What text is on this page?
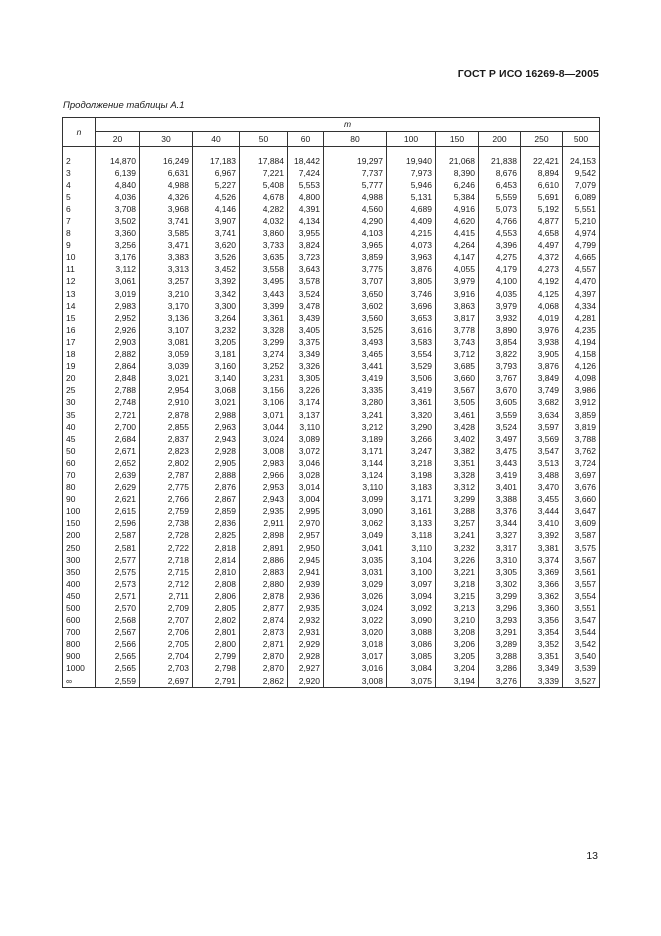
ГОСТ Р ИСО 16269-8—2005
Продолжение таблицы А.1
n	m										
	20	30	40	50	60	80	100	150	200	250	500

2	14,870	16,249	17,183	17,884	18,442	19,297	19,940	21,068	21,838	22,421	24,153
3	6,139	6,631	6,967	7,221	7,424	7,737	7,973	8,390	8,676	8,894	9,542
4	4,840	4,988	5,227	5,408	5,553	5,777	5,946	6,246	6,453	6,610	7,079
5	4,036	4,326	4,526	4,678	4,800	4,988	5,131	5,384	5,559	5,691	6,089
6	3,708	3,968	4,146	4,282	4,391	4,560	4,689	4,916	5,073	5,192	5,551
7	3,502	3,741	3,907	4,032	4,134	4,290	4,409	4,620	4,766	4,877	5,210
8	3,360	3,585	3,741	3,860	3,955	4,103	4,215	4,415	4,553	4,658	4,974
9	3,256	3,471	3,620	3,733	3,824	3,965	4,073	4,264	4,396	4,497	4,799
10	3,176	3,383	3,526	3,635	3,723	3,859	3,963	4,147	4,275	4,372	4,665
11	3,112	3,313	3,452	3,558	3,643	3,775	3,876	4,055	4,179	4,273	4,557
12	3,061	3,257	3,392	3,495	3,578	3,707	3,805	3,979	4,100	4,192	4,470
13	3,019	3,210	3,342	3,443	3,524	3,650	3,746	3,916	4,035	4,125	4,397
14	2,983	3,170	3,300	3,399	3,478	3,602	3,696	3,863	3,979	4,068	4,334
15	2,952	3,136	3,264	3,361	3,439	3,560	3,653	3,817	3,932	4,019	4,281
16	2,926	3,107	3,232	3,328	3,405	3,525	3,616	3,778	3,890	3,976	4,235
17	2,903	3,081	3,205	3,299	3,375	3,493	3,583	3,743	3,854	3,938	4,194
18	2,882	3,059	3,181	3,274	3,349	3,465	3,554	3,712	3,822	3,905	4,158
19	2,864	3,039	3,160	3,252	3,326	3,441	3,529	3,685	3,793	3,876	4,126
20	2,848	3,021	3,140	3,231	3,305	3,419	3,506	3,660	3,767	3,849	4,098
25	2,788	2,954	3,068	3,156	3,226	3,335	3,419	3,567	3,670	3,749	3,986
30	2,748	2,910	3,021	3,106	3,174	3,280	3,361	3,505	3,605	3,682	3,912
35	2,721	2,878	2,988	3,071	3,137	3,241	3,320	3,461	3,559	3,634	3,859
40	2,700	2,855	2,963	3,044	3,110	3,212	3,290	3,428	3,524	3,597	3,819
45	2,684	2,837	2,943	3,024	3,089	3,189	3,266	3,402	3,497	3,569	3,788
50	2,671	2,823	2,928	3,008	3,072	3,171	3,247	3,382	3,475	3,547	3,762
60	2,652	2,802	2,905	2,983	3,046	3,144	3,218	3,351	3,443	3,513	3,724
70	2,639	2,787	2,888	2,966	3,028	3,124	3,198	3,328	3,419	3,488	3,697
80	2,629	2,775	2,876	2,953	3,014	3,110	3,183	3,312	3,401	3,470	3,676
90	2,621	2,766	2,867	2,943	3,004	3,099	3,171	3,299	3,388	3,455	3,660
100	2,615	2,759	2,859	2,935	2,995	3,090	3,161	3,288	3,376	3,444	3,647
150	2,596	2,738	2,836	2,911	2,970	3,062	3,133	3,257	3,344	3,410	3,609
200	2,587	2,728	2,825	2,898	2,957	3,049	3,118	3,241	3,327	3,392	3,587
250	2,581	2,722	2,818	2,891	2,950	3,041	3,110	3,232	3,317	3,381	3,575
300	2,577	2,718	2,814	2,886	2,945	3,035	3,104	3,226	3,310	3,374	3,567
350	2,575	2,715	2,810	2,883	2,941	3,031	3,100	3,221	3,305	3,369	3,561
400	2,573	2,712	2,808	2,880	2,939	3,029	3,097	3,218	3,302	3,366	3,557
450	2,571	2,711	2,806	2,878	2,936	3,026	3,094	3,215	3,299	3,362	3,554
500	2,570	2,709	2,805	2,877	2,935	3,024	3,092	3,213	3,296	3,360	3,551
600	2,568	2,707	2,802	2,874	2,932	3,022	3,090	3,210	3,293	3,356	3,547
700	2,567	2,706	2,801	2,873	2,931	3,020	3,088	3,208	3,291	3,354	3,544
800	2,566	2,705	2,800	2,871	2,929	3,018	3,086	3,206	3,289	3,352	3,542
900	2,565	2,704	2,799	2,870	2,928	3,017	3,085	3,205	3,288	3,351	3,540
1000	2,565	2,703	2,798	2,870	2,927	3,016	3,084	3,204	3,286	3,349	3,539
∞	2,559	2,697	2,791	2,862	2,920	3,008	3,075	3,194	3,276	3,339	3,527
13
